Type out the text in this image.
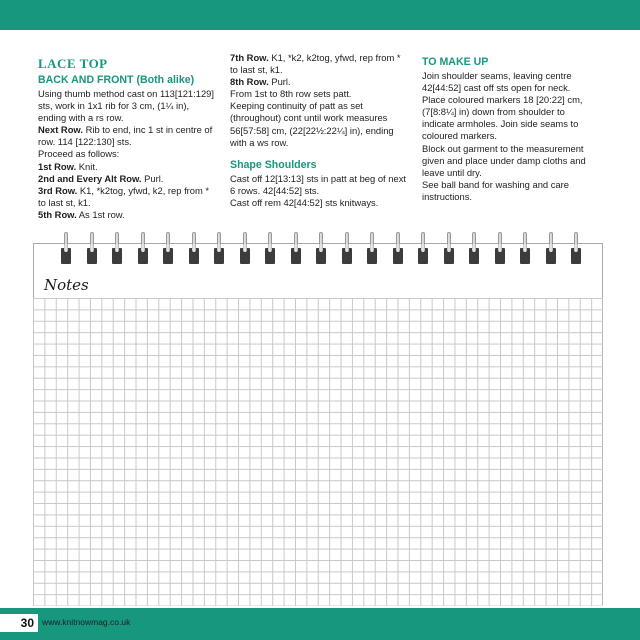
LACE TOP
BACK AND FRONT (Both alike)

Using thumb method cast on 113[121:129] sts, work in 1x1 rib for 3 cm, (1¼ in), ending with a rs row.

Next Row. Rib to end, inc 1 st in centre of row. 114 [122:130] sts.

Proceed as follows:

1st Row. Knit.

2nd and Every Alt Row. Purl.

3rd Row. K1, *k2tog, yfwd, k2, rep from * to last st, k1.

5th Row. As 1st row.

7th Row. K1, *k2, k2tog, yfwd, rep from * to last st, k1.

8th Row. Purl.

From 1st to 8th row sets patt.

Keeping continuity of patt as set (throughout) cont until work measures 56[57:58] cm, (22[22½:22¼] in), ending with a ws row.

Shape Shoulders

Cast off 12[13:13] sts in patt at beg of next 6 rows. 42[44:52] sts.

Cast off rem 42[44:52] sts knitways.

TO MAKE UP

Join shoulder seams, leaving centre 42[44:52] cast off sts open for neck.

Place coloured markers 18 [20:22] cm, (7[8:8¼] in) down from shoulder to indicate armholes. Join side seams to coloured markers.

Block out garment to the measurement given and place under damp cloths and leave until dry.

See ball band for washing and care instructions.

Notes
30 www.knitnowmag.co.uk
